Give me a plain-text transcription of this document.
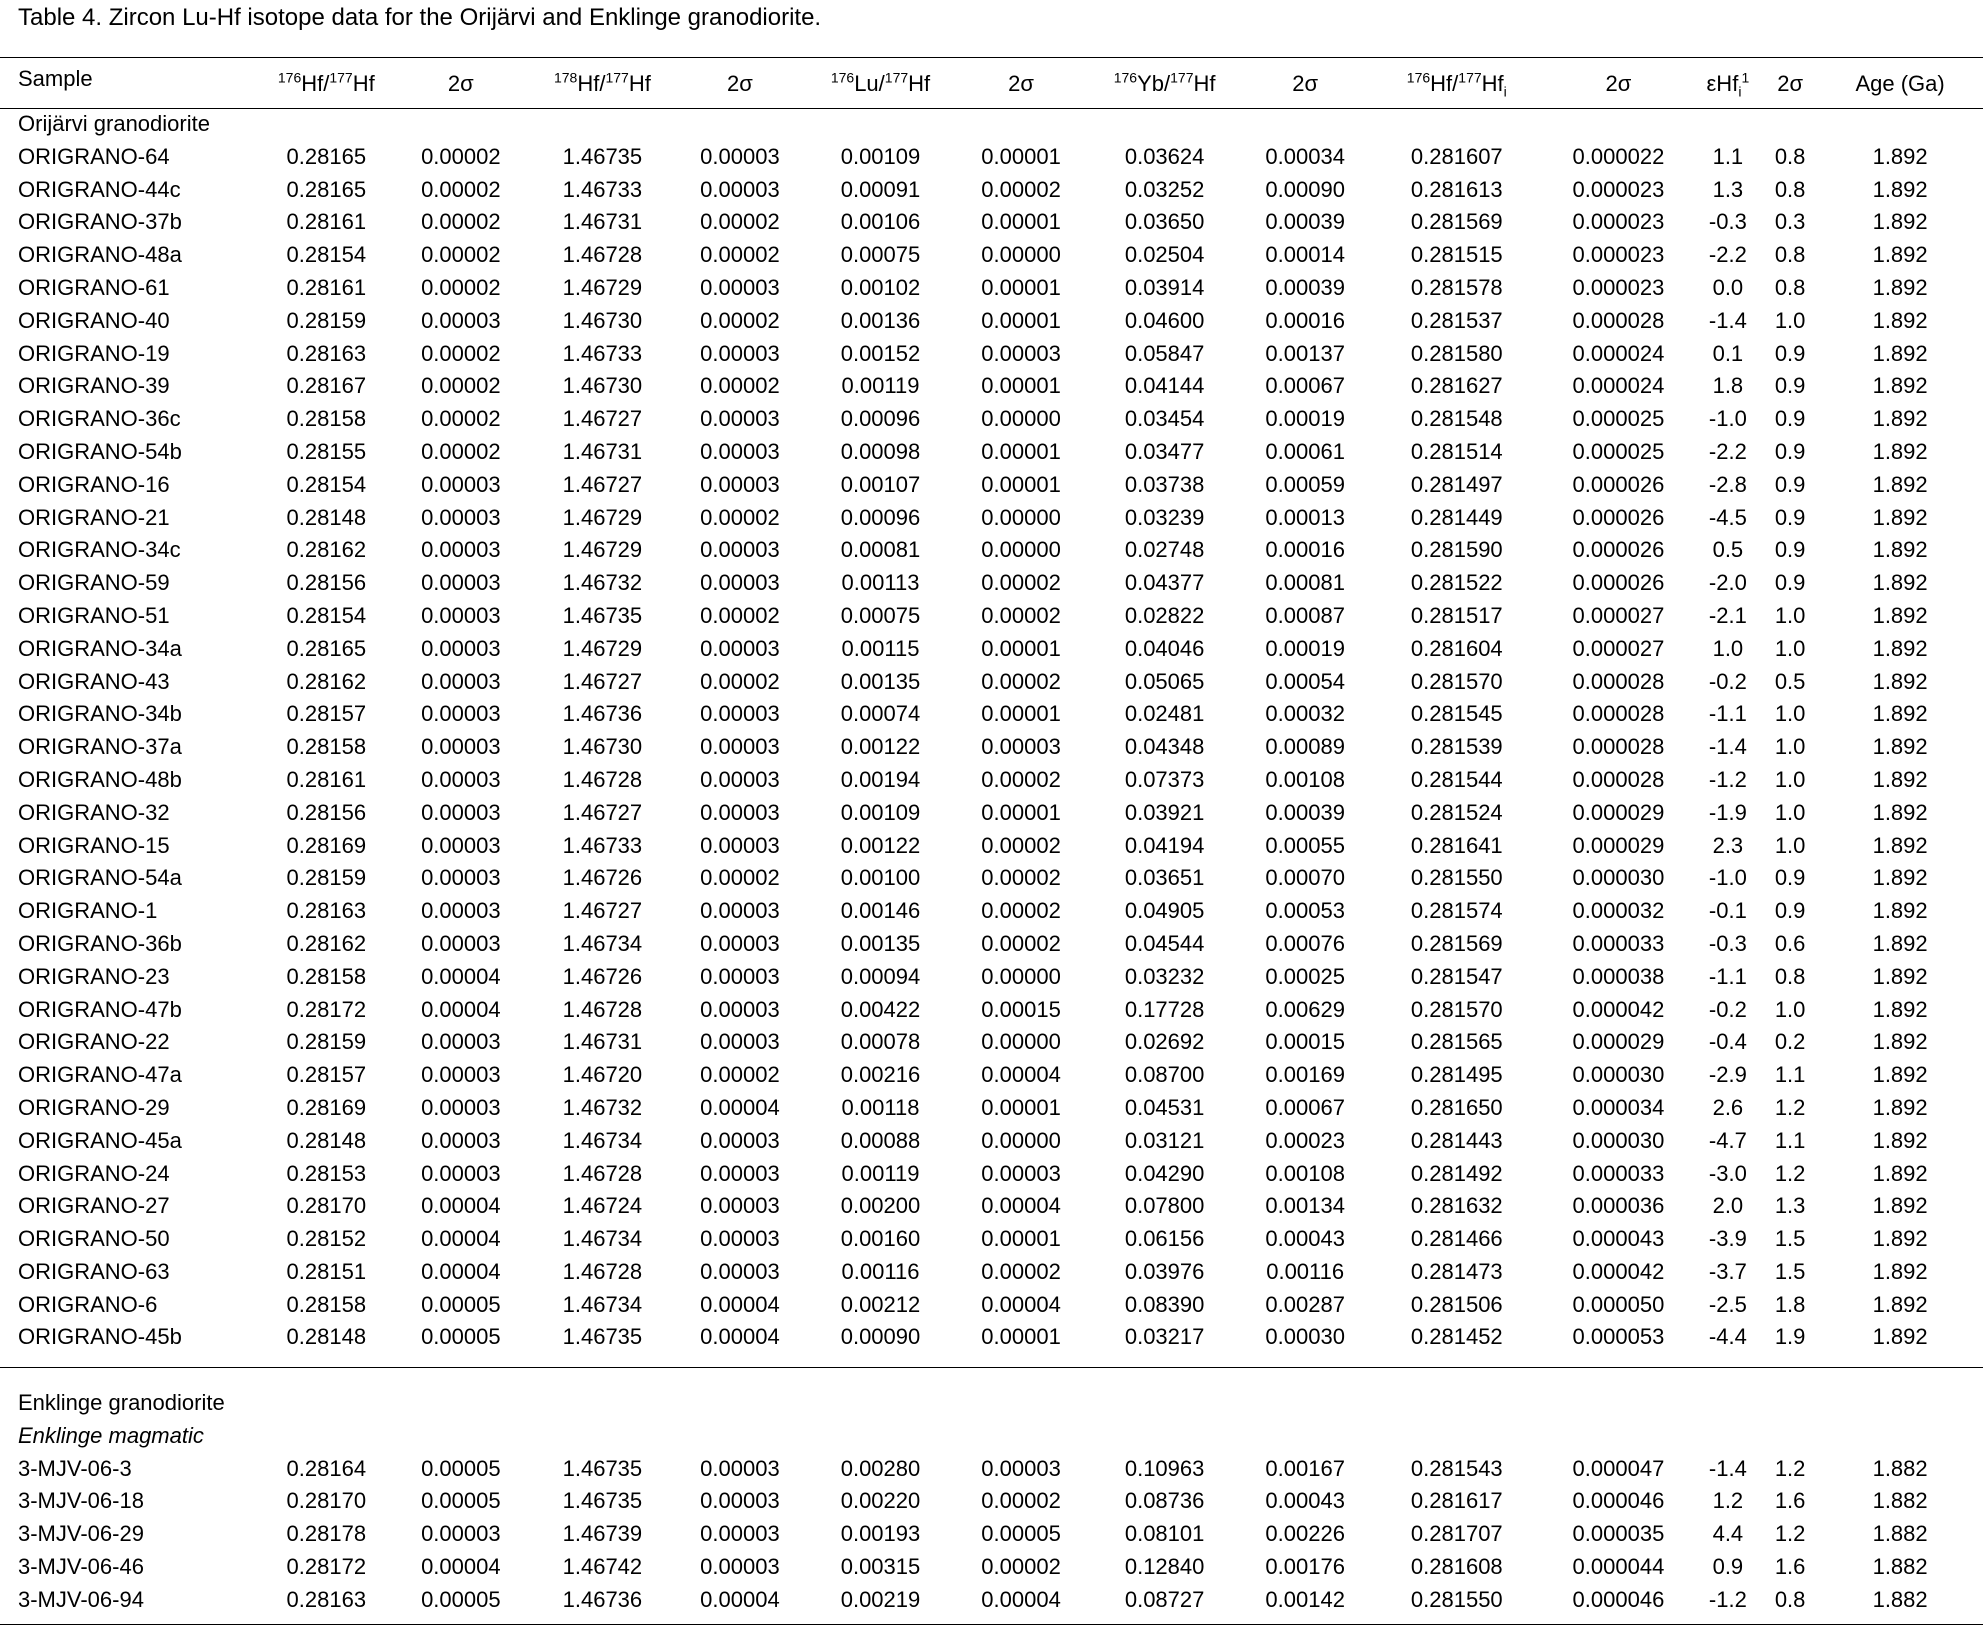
Table 4. Zircon Lu-Hf isotope data for the Orijärvi and Enklinge granodiorite.
Sample	$^{176}$Hf/$^{177}$Hf	2σ	$^{178}$Hf/$^{177}$Hf	2σ	$^{176}$Lu/$^{177}$Hf	2σ	$^{176}$Yb/$^{177}$Hf	2σ	$^{176}Hf/^{177}Hf_i$	2σ	εHf$_i^1$	2σ	Age (Ga)
Orijärvi granodiorite													
ORIGRANO-64	0.28165	0.00002	1.46735	0.00003	0.00109	0.00001	0.03624	0.00034	0.281607	0.000022	1.1	0.8	1.892
ORIGRANO-44c	0.28165	0.00002	1.46733	0.00003	0.00091	0.00002	0.03252	0.00090	0.281613	0.000023	1.3	0.8	1.892
ORIGRANO-37b	0.28161	0.00002	1.46731	0.00002	0.00106	0.00001	0.03650	0.00039	0.281569	0.000023	-0.3	0.3	1.892
ORIGRANO-48a	0.28154	0.00002	1.46728	0.00002	0.00075	0.00000	0.02504	0.00014	0.281515	0.000023	-2.2	0.8	1.892
ORIGRANO-61	0.28161	0.00002	1.46729	0.00003	0.00102	0.00001	0.03914	0.00039	0.281578	0.000023	0.0	0.8	1.892
ORIGRANO-40	0.28159	0.00003	1.46730	0.00002	0.00136	0.00001	0.04600	0.00016	0.281537	0.000028	-1.4	1.0	1.892
ORIGRANO-19	0.28163	0.00002	1.46733	0.00003	0.00152	0.00003	0.05847	0.00137	0.281580	0.000024	0.1	0.9	1.892
ORIGRANO-39	0.28167	0.00002	1.46730	0.00002	0.00119	0.00001	0.04144	0.00067	0.281627	0.000024	1.8	0.9	1.892
ORIGRANO-36c	0.28158	0.00002	1.46727	0.00003	0.00096	0.00000	0.03454	0.00019	0.281548	0.000025	-1.0	0.9	1.892
ORIGRANO-54b	0.28155	0.00002	1.46731	0.00003	0.00098	0.00001	0.03477	0.00061	0.281514	0.000025	-2.2	0.9	1.892
ORIGRANO-16	0.28154	0.00003	1.46727	0.00003	0.00107	0.00001	0.03738	0.00059	0.281497	0.000026	-2.8	0.9	1.892
ORIGRANO-21	0.28148	0.00003	1.46729	0.00002	0.00096	0.00000	0.03239	0.00013	0.281449	0.000026	-4.5	0.9	1.892
ORIGRANO-34c	0.28162	0.00003	1.46729	0.00003	0.00081	0.00000	0.02748	0.00016	0.281590	0.000026	0.5	0.9	1.892
ORIGRANO-59	0.28156	0.00003	1.46732	0.00003	0.00113	0.00002	0.04377	0.00081	0.281522	0.000026	-2.0	0.9	1.892
ORIGRANO-51	0.28154	0.00003	1.46735	0.00002	0.00075	0.00002	0.02822	0.00087	0.281517	0.000027	-2.1	1.0	1.892
ORIGRANO-34a	0.28165	0.00003	1.46729	0.00003	0.00115	0.00001	0.04046	0.00019	0.281604	0.000027	1.0	1.0	1.892
ORIGRANO-43	0.28162	0.00003	1.46727	0.00002	0.00135	0.00002	0.05065	0.00054	0.281570	0.000028	-0.2	0.5	1.892
ORIGRANO-34b	0.28157	0.00003	1.46736	0.00003	0.00074	0.00001	0.02481	0.00032	0.281545	0.000028	-1.1	1.0	1.892
ORIGRANO-37a	0.28158	0.00003	1.46730	0.00003	0.00122	0.00003	0.04348	0.00089	0.281539	0.000028	-1.4	1.0	1.892
ORIGRANO-48b	0.28161	0.00003	1.46728	0.00003	0.00194	0.00002	0.07373	0.00108	0.281544	0.000028	-1.2	1.0	1.892
ORIGRANO-32	0.28156	0.00003	1.46727	0.00003	0.00109	0.00001	0.03921	0.00039	0.281524	0.000029	-1.9	1.0	1.892
ORIGRANO-15	0.28169	0.00003	1.46733	0.00003	0.00122	0.00002	0.04194	0.00055	0.281641	0.000029	2.3	1.0	1.892
ORIGRANO-54a	0.28159	0.00003	1.46726	0.00002	0.00100	0.00002	0.03651	0.00070	0.281550	0.000030	-1.0	0.9	1.892
ORIGRANO-1	0.28163	0.00003	1.46727	0.00003	0.00146	0.00002	0.04905	0.00053	0.281574	0.000032	-0.1	0.9	1.892
ORIGRANO-36b	0.28162	0.00003	1.46734	0.00003	0.00135	0.00002	0.04544	0.00076	0.281569	0.000033	-0.3	0.6	1.892
ORIGRANO-23	0.28158	0.00004	1.46726	0.00003	0.00094	0.00000	0.03232	0.00025	0.281547	0.000038	-1.1	0.8	1.892
ORIGRANO-47b	0.28172	0.00004	1.46728	0.00003	0.00422	0.00015	0.17728	0.00629	0.281570	0.000042	-0.2	1.0	1.892
ORIGRANO-22	0.28159	0.00003	1.46731	0.00003	0.00078	0.00000	0.02692	0.00015	0.281565	0.000029	-0.4	0.2	1.892
ORIGRANO-47a	0.28157	0.00003	1.46720	0.00002	0.00216	0.00004	0.08700	0.00169	0.281495	0.000030	-2.9	1.1	1.892
ORIGRANO-29	0.28169	0.00003	1.46732	0.00004	0.00118	0.00001	0.04531	0.00067	0.281650	0.000034	2.6	1.2	1.892
ORIGRANO-45a	0.28148	0.00003	1.46734	0.00003	0.00088	0.00000	0.03121	0.00023	0.281443	0.000030	-4.7	1.1	1.892
ORIGRANO-24	0.28153	0.00003	1.46728	0.00003	0.00119	0.00003	0.04290	0.00108	0.281492	0.000033	-3.0	1.2	1.892
ORIGRANO-27	0.28170	0.00004	1.46724	0.00003	0.00200	0.00004	0.07800	0.00134	0.281632	0.000036	2.0	1.3	1.892
ORIGRANO-50	0.28152	0.00004	1.46734	0.00003	0.00160	0.00001	0.06156	0.00043	0.281466	0.000043	-3.9	1.5	1.892
ORIGRANO-63	0.28151	0.00004	1.46728	0.00003	0.00116	0.00002	0.03976	0.00116	0.281473	0.000042	-3.7	1.5	1.892
ORIGRANO-6	0.28158	0.00005	1.46734	0.00004	0.00212	0.00004	0.08390	0.00287	0.281506	0.000050	-2.5	1.8	1.892
ORIGRANO-45b	0.28148	0.00005	1.46735	0.00004	0.00090	0.00001	0.03217	0.00030	0.281452	0.000053	-4.4	1.9	1.892

Enklinge granodiorite													
Enklinge magmatic													
3-MJV-06-3	0.28164	0.00005	1.46735	0.00003	0.00280	0.00003	0.10963	0.00167	0.281543	0.000047	-1.4	1.2	1.882
3-MJV-06-18	0.28170	0.00005	1.46735	0.00003	0.00220	0.00002	0.08736	0.00043	0.281617	0.000046	1.2	1.6	1.882
3-MJV-06-29	0.28178	0.00003	1.46739	0.00003	0.00193	0.00005	0.08101	0.00226	0.281707	0.000035	4.4	1.2	1.882
3-MJV-06-46	0.28172	0.00004	1.46742	0.00003	0.00315	0.00002	0.12840	0.00176	0.281608	0.000044	0.9	1.6	1.882
3-MJV-06-94	0.28163	0.00005	1.46736	0.00004	0.00219	0.00004	0.08727	0.00142	0.281550	0.000046	-1.2	0.8	1.882
